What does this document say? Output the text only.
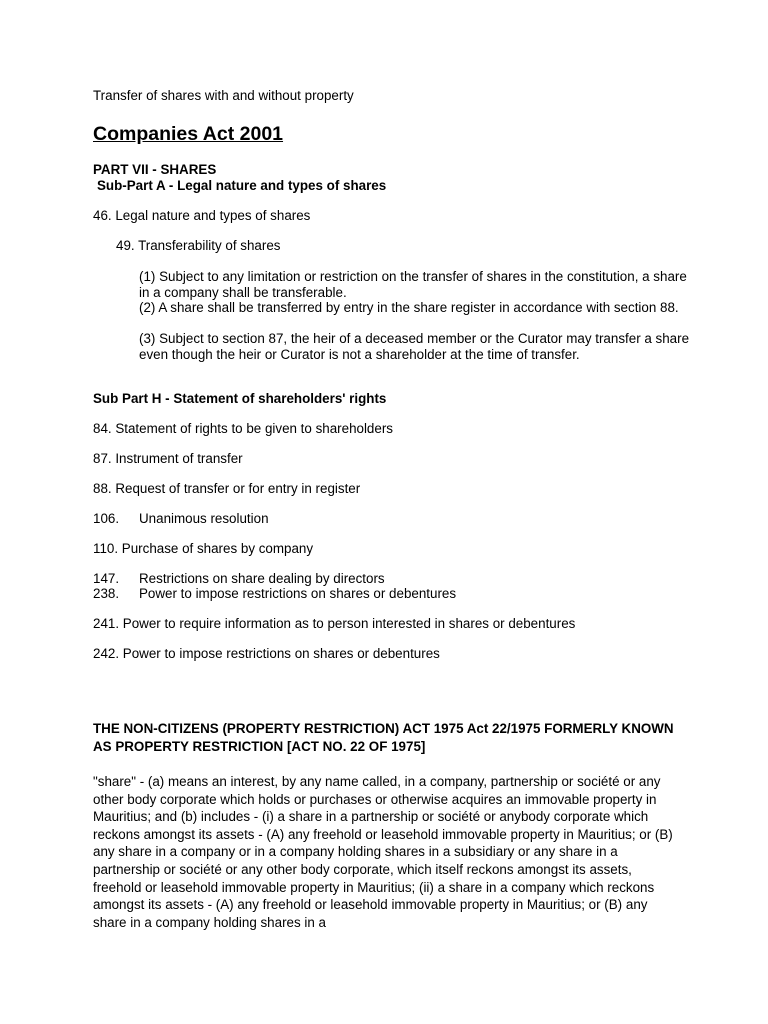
Transfer of shares with and without property
Companies Act 2001
PART VII - SHARES
Sub-Part A - Legal nature and types of shares
46. Legal nature and types of shares
49. Transferability of shares
(1) Subject to any limitation or restriction on the transfer of shares in the constitution, a share in a company shall be transferable.
(2) A share shall be transferred by entry in the share register in accordance with section 88.
(3) Subject to section 87, the heir of a deceased member or the Curator may transfer a share even though the heir or Curator is not a shareholder at the time of transfer.
Sub Part H - Statement of shareholders' rights
84. Statement of rights to be given to shareholders
87. Instrument of transfer
88. Request of transfer or for entry in register
106. Unanimous resolution
110. Purchase of shares by company
147. Restrictions on share dealing by directors
238. Power to impose restrictions on shares or debentures
241. Power to require information as to person interested in shares or debentures
242. Power to impose restrictions on shares or debentures
THE NON-CITIZENS (PROPERTY RESTRICTION) ACT 1975 Act 22/1975 FORMERLY KNOWN AS PROPERTY RESTRICTION [ACT NO. 22 OF 1975]
"share" - (a) means an interest, by any name called, in a company, partnership or société or any other body corporate which holds or purchases or otherwise acquires an immovable property in Mauritius; and (b) includes - (i) a share in a partnership or société or anybody corporate which reckons amongst its assets - (A) any freehold or leasehold immovable property in Mauritius; or (B) any share in a company or in a company holding shares in a subsidiary or any share in a partnership or société or any other body corporate, which itself reckons amongst its assets, freehold or leasehold immovable property in Mauritius; (ii) a share in a company which reckons amongst its assets - (A) any freehold or leasehold immovable property in Mauritius; or (B) any share in a company holding shares in a
